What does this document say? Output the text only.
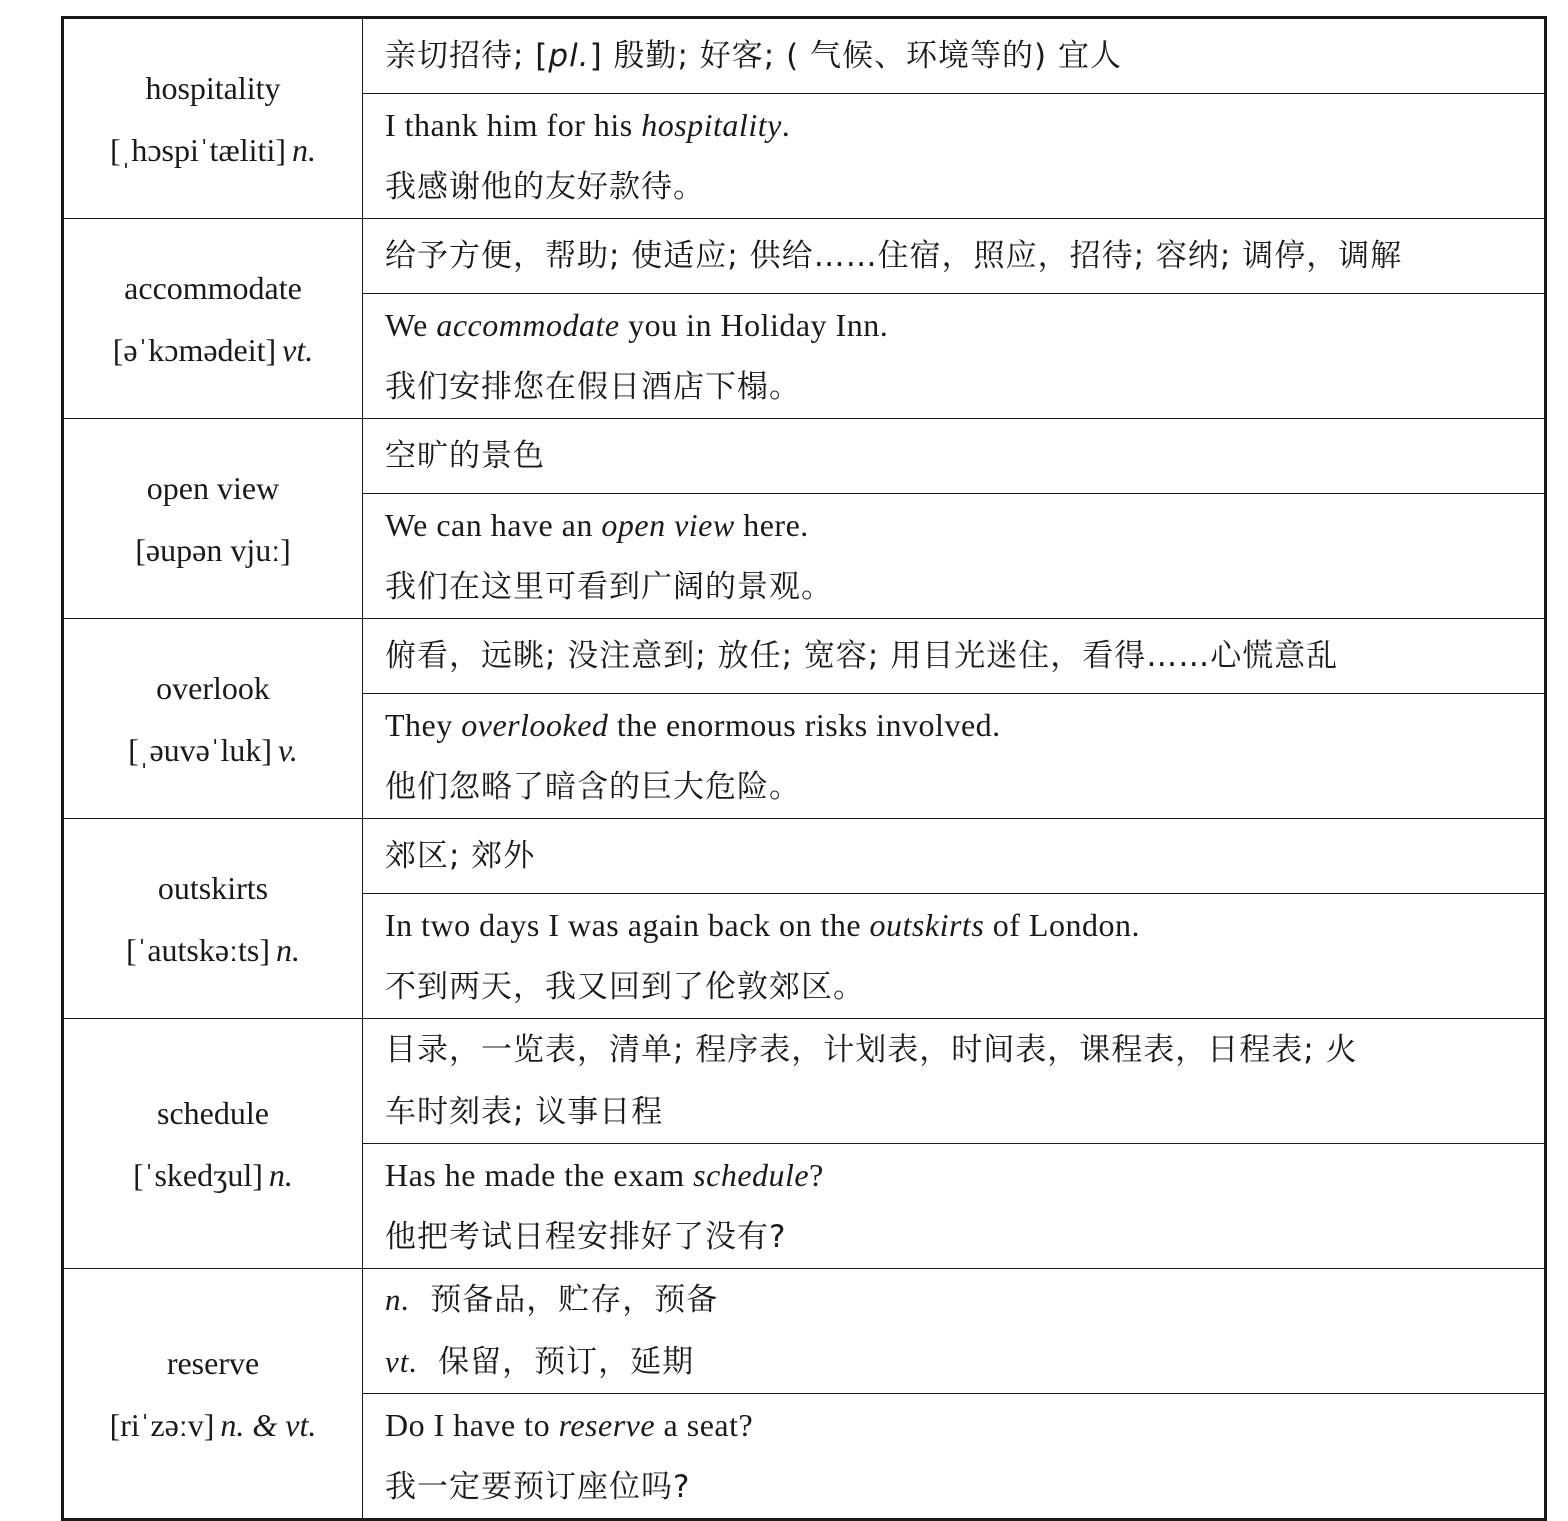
hospitality
[ˌhɔspiˈtæliti] n.	亲切招待; [pl.] 殷勤; 好客; ( 气候、环境等的) 宜人

	I thank him for his hospitality.
我感谢他的友好款待。

accommodate
[əˈkɔmədeit] vt.	给予方便，帮助; 使适应; 供给……住宿，照应，招待; 容纳; 调停，调解

	We accommodate you in Holiday Inn.
我们安排您在假日酒店下榻。

open view
[əupən vjuː]	空旷的景色

	We can have an open view here.
我们在这里可看到广阔的景观。

overlook
[ˌəuvəˈluk] v.	俯看，远眺; 没注意到; 放任; 宽容; 用目光迷住，看得……心慌意乱

	They overlooked the enormous risks involved.
他们忽略了暗含的巨大危险。

outskirts
[ˈautskəːts] n.	郊区; 郊外

	In two days I was again back on the outskirts of London.
不到两天，我又回到了伦敦郊区。

schedule
[ˈskedʒul] n.	目录，一览表，清单; 程序表，计划表，时间表，课程表，日程表; 火
车时刻表; 议事日程

	Has he made the exam schedule?
他把考试日程安排好了没有?

reserve
[riˈzəːv] n. & vt.	n. 预备品，贮存，预备
vt. 保留，预订，延期

	Do I have to reserve a seat?
我一定要预订座位吗?
